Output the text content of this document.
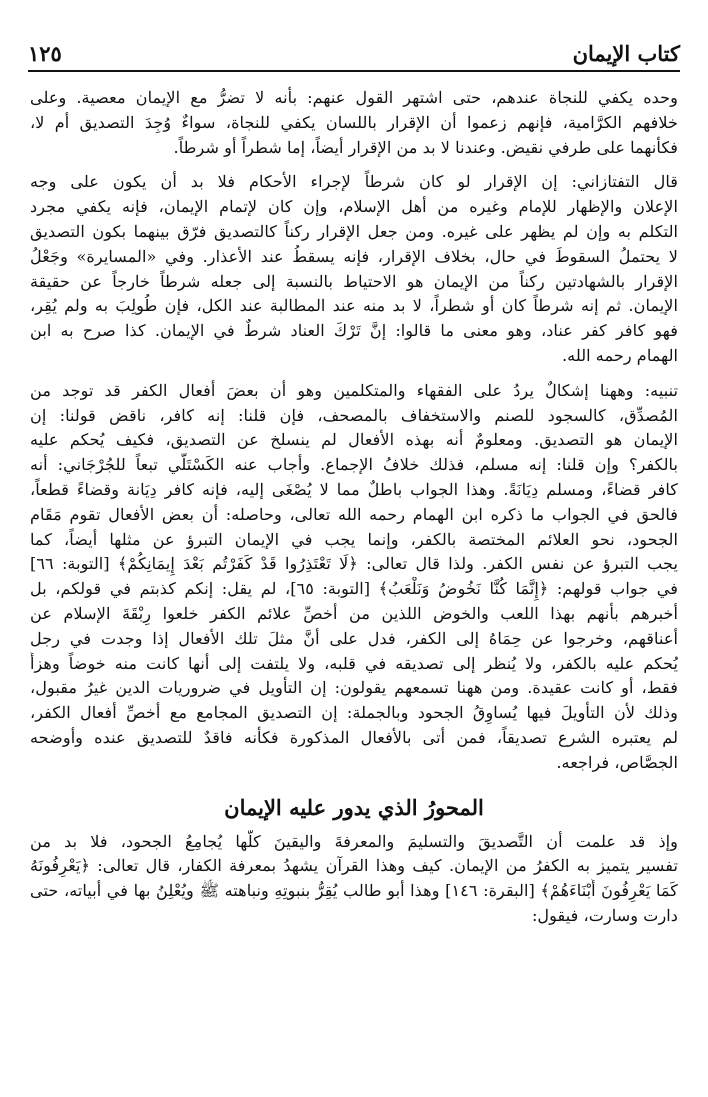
كتاب الإيمان
١٢٥
وحده يكفي للنجاة عندهم، حتى اشتهر القول عنهم: بأنه لا تضرُّ مع الإيمان معصية. وعلى
خلافهم الكرَّامية، فإنهم زعموا أن الإقرار باللسان يكفي للنجاة، سواءٌ وُجِدَ التصديق أم لا،
فكأنهما على طرفي نقيض. وعندنا لا بد من الإقرار أيضاً، إما شطراً أو شرطاً.
قال التفتازاني: إن الإقرار لو كان شرطاً لإجراء الأحكام فلا بد أن يكون على وجه
الإعلان والإظهار للإمام وغيره من أهل الإسلام، وإن كان لإتمام الإيمان، فإنه يكفي مجرد
التكلم به وإن لم يظهر على غيره. ومن جعل الإقرار ركناً كالتصديق فرّق بينهما بكون التصديق
لا يحتملُ السقوطَ في حال، بخلاف الإقرار، فإنه يسقطُ عند الأعذار. وفي «المسايرة» وجَعْلُ
الإقرار بالشهادتين ركناً من الإيمان هو الاحتياط بالنسبة إلى جعله شرطاً خارجاً عن حقيقة
الإيمان. ثم إنه شرطاً كان أو شطراً، لا بد منه عند المطالبة عند الكل، فإن طُولِبَ به ولم يُقِر،
فهو كافر كفر عناد، وهو معنى ما قالوا: إنَّ تَرْكَ العناد شرطٌ في الإيمان. كذا صرح به ابن
الهمام رحمه الله.
تنبيه: وههنا إشكالٌ يردُ على الفقهاء والمتكلمين وهو أن بعضَ أفعال الكفر قد توجد من
المُصدِّق، كالسجود للصنم والاستخفاف بالمصحف، فإن قلنا: إنه كافر، ناقض قولنا: إن
الإيمان هو التصديق. ومعلومٌ أنه بهذه الأفعال لم ينسلخ عن التصديق، فكيف يُحكم عليه
بالكفر؟ وإن قلنا: إنه مسلم، فذلك خلافُ الإجماع. وأجاب عنه الكَسْتَلّي تبعاً للجُرْجَاني: أنه
كافر قضاءً، ومسلم دِيَانَةً. وهذا الجواب باطلٌ مما لا يُصْغَى إليه، فإنه كافر دِيَانة وقضاءً قطعاً،
فالحق في الجواب ما ذكره ابن الهمام رحمه الله تعالى، وحاصله: أن بعض الأفعال تقوم مَقَام
الجحود، نحو العلائم المختصة بالكفر، وإنما يجب في الإيمان التبرؤ عن مثلها أيضاً، كما
يجب التبرؤ عن نفس الكفر. ولذا قال تعالى: ﴿لَا تَعْتَذِرُوا قَدْ كَفَرْتُم بَعْدَ إِيمَانِكُمْ﴾ [التوبة: ٦٦]
في جواب قولهم: ﴿إِنَّمَا كُنَّا نَخُوضُ وَنَلْعَبُ﴾ [التوبة: ٦٥]، لم يقل: إنكم كذبتم في قولكم، بل
أخبرهم بأنهم بهذا اللعب والخوض اللذين من أخصِّ علائم الكفر خلعوا رِبْقَةَ الإسلام عن
أعناقهم، وخرجوا عن حِمَاهُ إلى الكفر، فدل على أنَّ مثلَ تلك الأفعال إذا وجدت في رجل
يُحكم عليه بالكفر، ولا يُنظر إلى تصديقه في قلبه، ولا يلتفت إلى أنها كانت منه خوضاً وهزأً
فقط، أو كانت عقيدة. ومن ههنا تسمعهم يقولون: إن التأويل في ضروريات الدين غيرُ مقبول،
وذلك لأن التأويلَ فيها يُساوِقُ الجحود وبالجملة: إن التصديق المجامع مع أخصِّ أفعال الكفر،
لم يعتبره الشرع تصديقاً، فمن أتى بالأفعال المذكورة فكأنه فاقدٌ للتصديق عنده وأوضحه
الجصَّاص، فراجعه.
المحورُ الذي يدور عليه الإيمان
وإذ قد علمت أن التَّصديقَ والتسليمَ والمعرفةَ واليقينَ كلُّها يُجامِعُ الجحود، فلا بد من
تفسير يتميز به الكفرُ من الإيمان. كيف وهذا القرآن يشهدُ بمعرفة الكفار، قال تعالى: ﴿يَعْرِفُونَهُ
كَمَا يَعْرِفُونَ أَبْنَاءَهُمْ﴾ [البقرة: ١٤٦] وهذا أبو طالب يُقِرُّ بنبوتِهِ ونباهته ﷺ ويُعْلِنُ بها في أبياته، حتى
دارت وسارت، فيقول:
